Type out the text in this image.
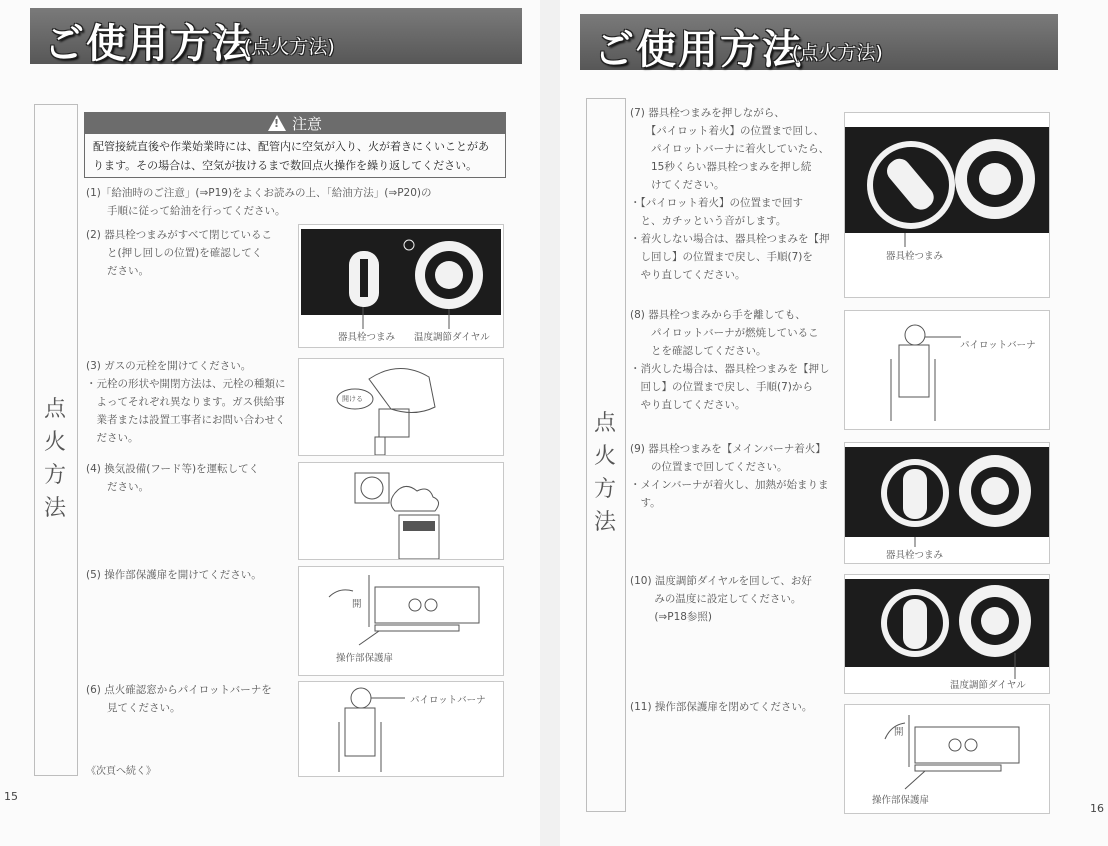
ご使用方法
(点火方法)
点
火
方
法
!
注意
配管接続直後や作業始業時には、配管内に空気が入り、火が着きにくいことがあります。その場合は、空気が抜けるまで数回点火操作を繰り返してください。
(1)「給油時のご注意」(⇒P19)をよくお読みの上、「給油方法」(⇒P20)の
　　手順に従って給油を行ってください。
(2) 器具栓つまみがすべて閉じているこ
　　と(押し回しの位置)を確認してく
　　ださい。
(3) ガスの元栓を開けてください。
・元栓の形状や開閉方法は、元栓の種類に
　よってそれぞれ異なります。ガス供給事
　業者または設置工事者にお問い合わせく
　ださい。
(4) 換気設備(フード等)を運転してく
　　ださい。
(5) 操作部保護扉を開けてください。
(6) 点火確認窓からパイロットバーナを
　　見てください。
《次頁へ続く》
器具栓つまみ 温度調節ダイヤル
開ける
開
操作部保護扉
パイロットバーナ
15
ご使用方法
(点火方法)
点
火
方
法
(7) 器具栓つまみを押しながら、
　　【パイロット着火】の位置まで回し、
　　パイロットバーナに着火していたら、
　　15秒くらい器具栓つまみを押し続
　　けてください。
・【パイロット着火】の位置まで回す
　と、カチッという音がします。
・着火しない場合は、器具栓つまみを【押
　し回し】の位置まで戻し、手順(7)を
　やり直してください。
(8) 器具栓つまみから手を離しても、
　　パイロットバーナが燃焼しているこ
　　とを確認してください。
・消火した場合は、器具栓つまみを【押し
　回し】の位置まで戻し、手順(7)から
　やり直してください。
(9) 器具栓つまみを【メインバーナ着火】
　　の位置まで回してください。
・メインバーナが着火し、加熱が始まりま
　す。
(10) 温度調節ダイヤルを回して、お好
　　 みの温度に設定してください。
　　 (⇒P18参照)
(11) 操作部保護扉を閉めてください。
器具栓つまみ
パイロットバーナ
器具栓つまみ
温度調節ダイヤル
開
操作部保護扉
16
